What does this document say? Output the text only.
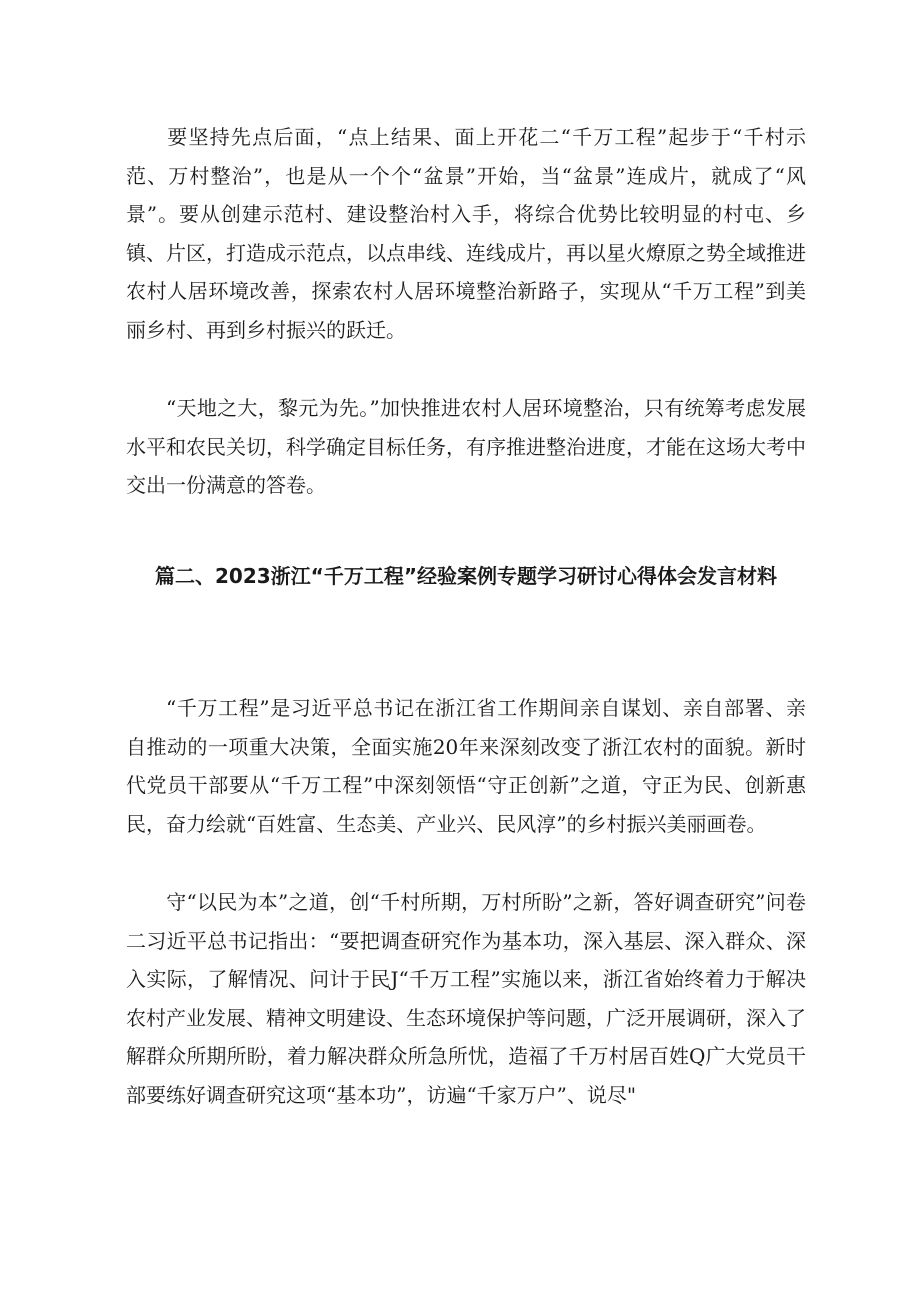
要坚持先点后面，“点上结果、面上开花二“千万工程”起步于“千村示范、万村整治”，也是从一个个“盆景”开始，当“盆景”连成片，就成了“风景”。要从创建示范村、建设整治村入手，将综合优势比较明显的村屯、乡镇、片区，打造成示范点，以点串线、连线成片，再以星火燎原之势全域推进农村人居环境改善，探索农村人居环境整治新路子，实现从“千万工程”到美丽乡村、再到乡村振兴的跃迁。

“天地之大，黎元为先。”加快推进农村人居环境整治，只有统筹考虑发展水平和农民关切，科学确定目标任务，有序推进整治进度，才能在这场大考中交出一份满意的答卷。

篇二、2023浙江“千万工程”经验案例专题学习研讨心得体会发言材料

“千万工程”是习近平总书记在浙江省工作期间亲自谋划、亲自部署、亲自推动的一项重大决策，全面实施20年来深刻改变了浙江农村的面貌。新时代党员干部要从“千万工程”中深刻领悟“守正创新”之道，守正为民、创新惠民，奋力绘就“百姓富、生态美、产业兴、民风淳”的乡村振兴美丽画卷。

守“以民为本”之道，创“千村所期，万村所盼”之新，答好调查研究”问卷二习近平总书记指出：“要把调查研究作为基本功，深入基层、深入群众、深入实际，了解情况、问计于民J“千万工程”实施以来，浙江省始终着力于解决农村产业发展、精神文明建设、生态环境保护等问题，广泛开展调研，深入了解群众所期所盼，着力解决群众所急所忧，造福了千万村居百姓Q广大党员干部要练好调查研究这项“基本功”，访遍“千家万户”、说尽"
